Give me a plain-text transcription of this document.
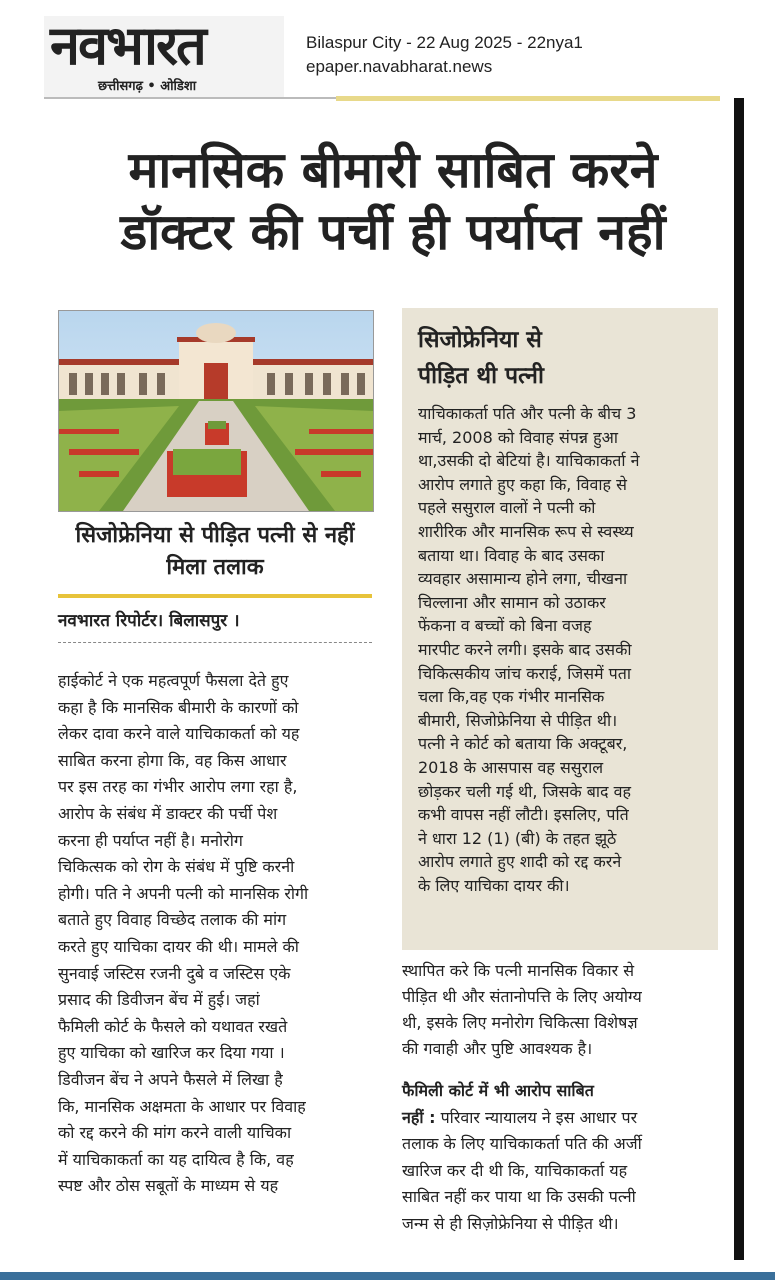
नवभारत
छत्तीसगढ़ • ओडिशा
Bilaspur City - 22 Aug 2025 - 22nya1
epaper.navabharat.news
मानसिक बीमारी साबित करने
डॉक्टर की पर्ची ही पर्याप्त नहीं
सिजोफ्रेनिया से पीड़ित पत्नी से नहीं मिला तलाक
नवभारत रिपोर्टर। बिलासपुर ।
हाईकोर्ट ने एक महत्वपूर्ण फैसला देते हुए
कहा है कि मानसिक बीमारी के कारणों को
लेकर दावा करने वाले याचिकाकर्ता को यह
साबित करना होगा कि, वह किस आधार
पर इस तरह का गंभीर आरोप लगा रहा है,
आरोप के संबंध में डाक्टर की पर्ची पेश
करना ही पर्याप्त नहीं है। मनोरोग
चिकित्सक को रोग के संबंध में पुष्टि करनी
होगी। पति ने अपनी पत्नी को मानसिक रोगी
बताते हुए विवाह विच्छेद तलाक की मांग
करते हुए याचिका दायर की थी। मामले की
सुनवाई जस्टिस रजनी दुबे व जस्टिस एके
प्रसाद की डिवीजन बेंच में हुई। जहां
फैमिली कोर्ट के फैसले को यथावत रखते
हुए याचिका को खारिज कर दिया गया ।
डिवीजन बेंच ने अपने फैसले में लिखा है
कि, मानसिक अक्षमता के आधार पर विवाह
को रद्द करने की मांग करने वाली याचिका
में याचिकाकर्ता का यह दायित्व है कि, वह
स्पष्ट और ठोस सबूतों के माध्यम से यह
सिजोफ्रेनिया से
पीड़ित थी पत्नी
याचिकाकर्ता पति और पत्नी के बीच 3
मार्च, 2008 को विवाह संपन्न हुआ
था,उसकी दो बेटियां है। याचिकाकर्ता ने
आरोप लगाते हुए कहा कि, विवाह से
पहले ससुराल वालों ने पत्नी को
शारीरिक और मानसिक रूप से स्वस्थ्य
बताया था। विवाह के बाद उसका
व्यवहार असामान्य होने लगा, चीखना
चिल्लाना और सामान को उठाकर
फेंकना व बच्चों को बिना वजह
मारपीट करने लगी। इसके बाद उसकी
चिकित्सकीय जांच कराई, जिसमें पता
चला कि,वह एक गंभीर मानसिक
बीमारी, सिजोफ्रेनिया से पीड़ित थी।
पत्नी ने कोर्ट को बताया कि अक्टूबर,
2018 के आसपास वह ससुराल
छोड़कर चली गई थी, जिसके बाद वह
कभी वापस नहीं लौटी। इसलिए, पति
ने धारा 12 (1) (बी) के तहत झूठे
आरोप लगाते हुए शादी को रद्द करने
के लिए याचिका दायर की।
स्थापित करे कि पत्नी मानसिक विकार से
पीड़ित थी और संतानोपत्ति के लिए अयोग्य
थी, इसके लिए मनोरोग चिकित्सा विशेषज्ञ
की गवाही और पुष्टि आवश्यक है।
फैमिली कोर्ट में भी आरोप साबित
नहीं : परिवार न्यायालय ने इस आधार पर
तलाक के लिए याचिकाकर्ता पति की अर्जी
खारिज कर दी थी कि, याचिकाकर्ता यह
साबित नहीं कर पाया था कि उसकी पत्नी
जन्म से ही सिज़ोफ्रेनिया से पीड़ित थी।
